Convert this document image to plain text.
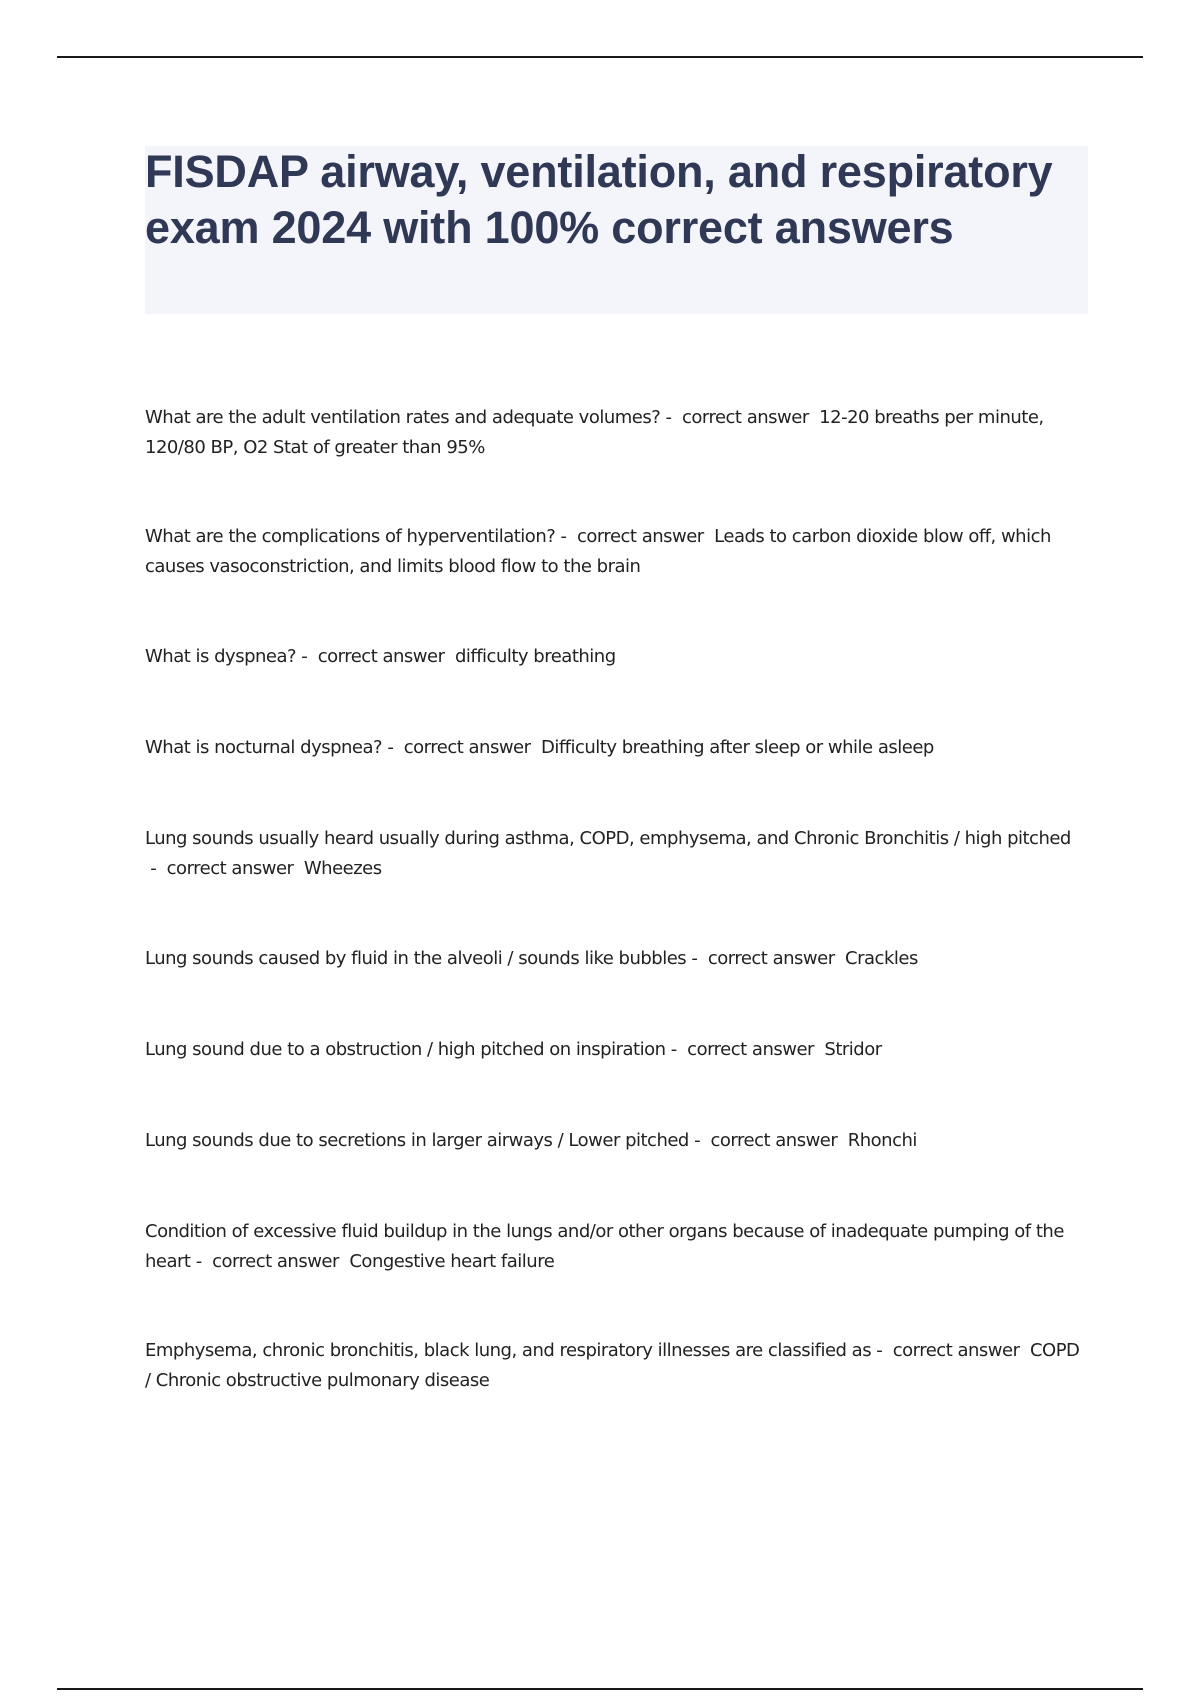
FISDAP airway, ventilation, and respiratory exam 2024 with 100% correct answers

What are the adult ventilation rates and adequate volumes? -  correct answer  12-20 breaths per minute, 120/80 BP, O2 Stat of greater than 95%

What are the complications of hyperventilation? -  correct answer  Leads to carbon dioxide blow off, which causes vasoconstriction, and limits blood flow to the brain

What is dyspnea? -  correct answer  difficulty breathing

What is nocturnal dyspnea? -  correct answer  Difficulty breathing after sleep or while asleep

Lung sounds usually heard usually during asthma, COPD, emphysema, and Chronic Bronchitis / high pitched -  correct answer  Wheezes

Lung sounds caused by fluid in the alveoli / sounds like bubbles -  correct answer  Crackles

Lung sound due to a obstruction / high pitched on inspiration -  correct answer  Stridor

Lung sounds due to secretions in larger airways / Lower pitched -  correct answer  Rhonchi

Condition of excessive fluid buildup in the lungs and/or other organs because of inadequate pumping of the heart -  correct answer  Congestive heart failure

Emphysema, chronic bronchitis, black lung, and respiratory illnesses are classified as -  correct answer  COPD / Chronic obstructive pulmonary disease
